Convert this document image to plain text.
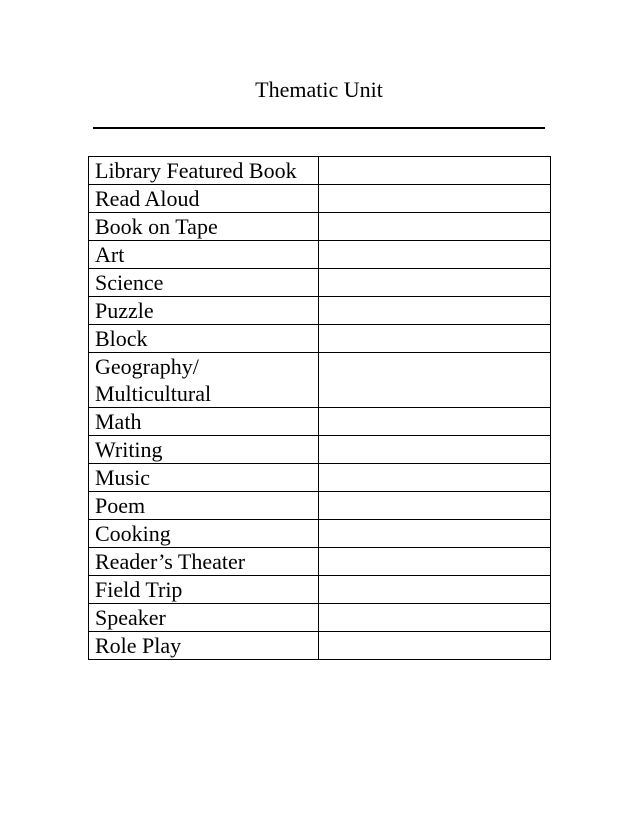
Thematic Unit
Library Featured Book	
Read Aloud	
Book on Tape	
Art	
Science	
Puzzle	
Block	

Geography/
Multicultural	

Math	
Writing	
Music	
Poem	
Cooking	
Reader’s Theater	
Field Trip	
Speaker	
Role Play	
